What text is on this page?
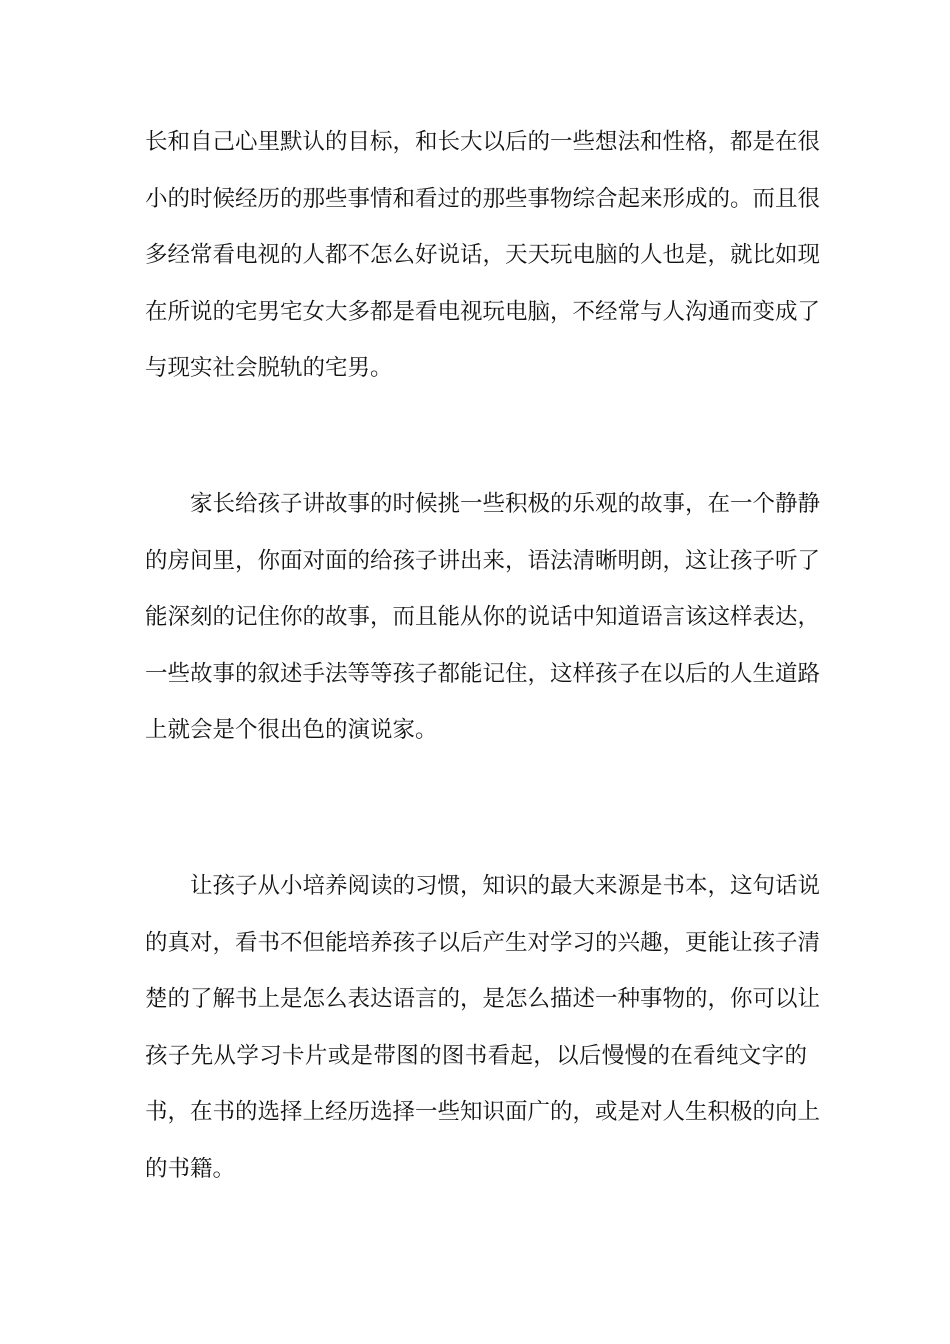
长和自己心里默认的目标，和长大以后的一些想法和性格，都是在很
小的时候经历的那些事情和看过的那些事物综合起来形成的。而且很
多经常看电视的人都不怎么好说话，天天玩电脑的人也是，就比如现
在所说的宅男宅女大多都是看电视玩电脑，不经常与人沟通而变成了
与现实社会脱轨的宅男。
家长给孩子讲故事的时候挑一些积极的乐观的故事，在一个静静
的房间里，你面对面的给孩子讲出来，语法清晰明朗，这让孩子听了
能深刻的记住你的故事，而且能从你的说话中知道语言该这样表达，
一些故事的叙述手法等等孩子都能记住，这样孩子在以后的人生道路
上就会是个很出色的演说家。
让孩子从小培养阅读的习惯，知识的最大来源是书本，这句话说
的真对，看书不但能培养孩子以后产生对学习的兴趣，更能让孩子清
楚的了解书上是怎么表达语言的，是怎么描述一种事物的，你可以让
孩子先从学习卡片或是带图的图书看起，以后慢慢的在看纯文字的
书，在书的选择上经历选择一些知识面广的，或是对人生积极的向上
的书籍。
